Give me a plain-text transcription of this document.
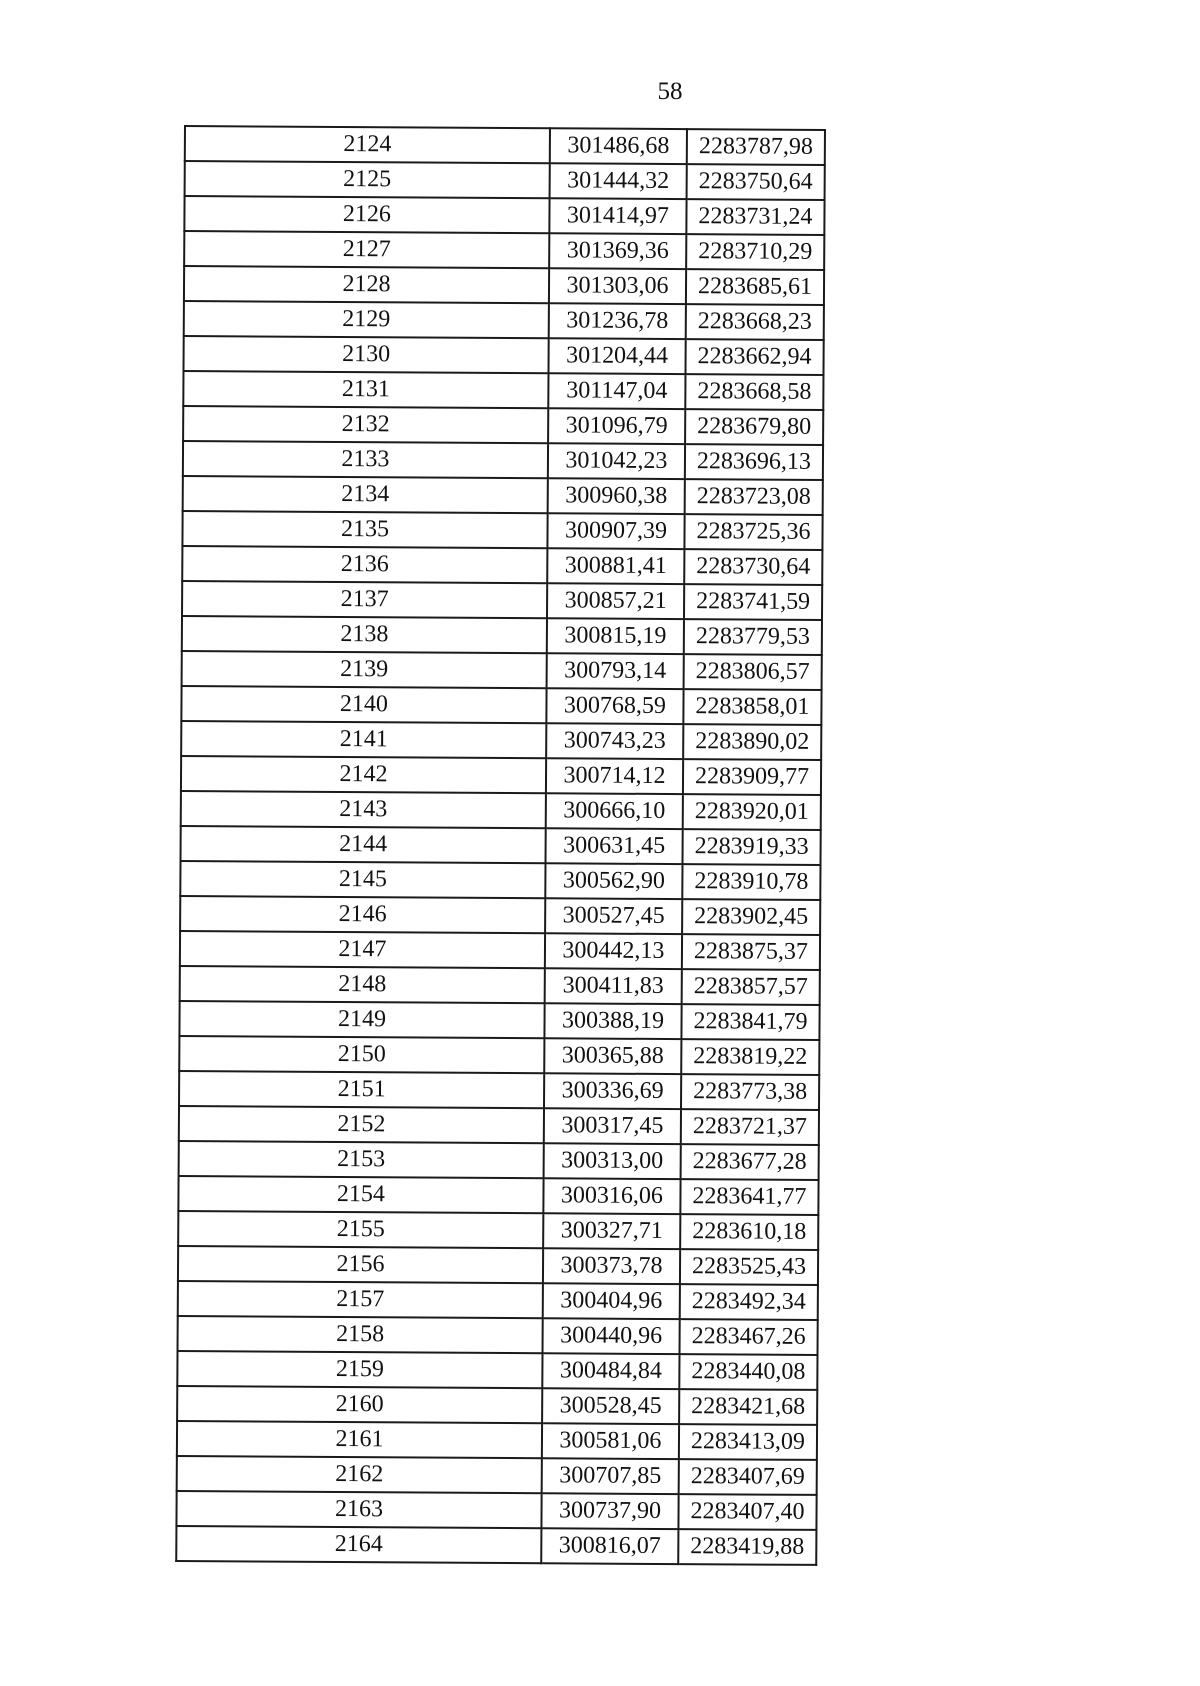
58
2124	301486,68	2283787,98
2125	301444,32	2283750,64
2126	301414,97	2283731,24
2127	301369,36	2283710,29
2128	301303,06	2283685,61
2129	301236,78	2283668,23
2130	301204,44	2283662,94
2131	301147,04	2283668,58
2132	301096,79	2283679,80
2133	301042,23	2283696,13
2134	300960,38	2283723,08
2135	300907,39	2283725,36
2136	300881,41	2283730,64
2137	300857,21	2283741,59
2138	300815,19	2283779,53
2139	300793,14	2283806,57
2140	300768,59	2283858,01
2141	300743,23	2283890,02
2142	300714,12	2283909,77
2143	300666,10	2283920,01
2144	300631,45	2283919,33
2145	300562,90	2283910,78
2146	300527,45	2283902,45
2147	300442,13	2283875,37
2148	300411,83	2283857,57
2149	300388,19	2283841,79
2150	300365,88	2283819,22
2151	300336,69	2283773,38
2152	300317,45	2283721,37
2153	300313,00	2283677,28
2154	300316,06	2283641,77
2155	300327,71	2283610,18
2156	300373,78	2283525,43
2157	300404,96	2283492,34
2158	300440,96	2283467,26
2159	300484,84	2283440,08
2160	300528,45	2283421,68
2161	300581,06	2283413,09
2162	300707,85	2283407,69
2163	300737,90	2283407,40
2164	300816,07	2283419,88
